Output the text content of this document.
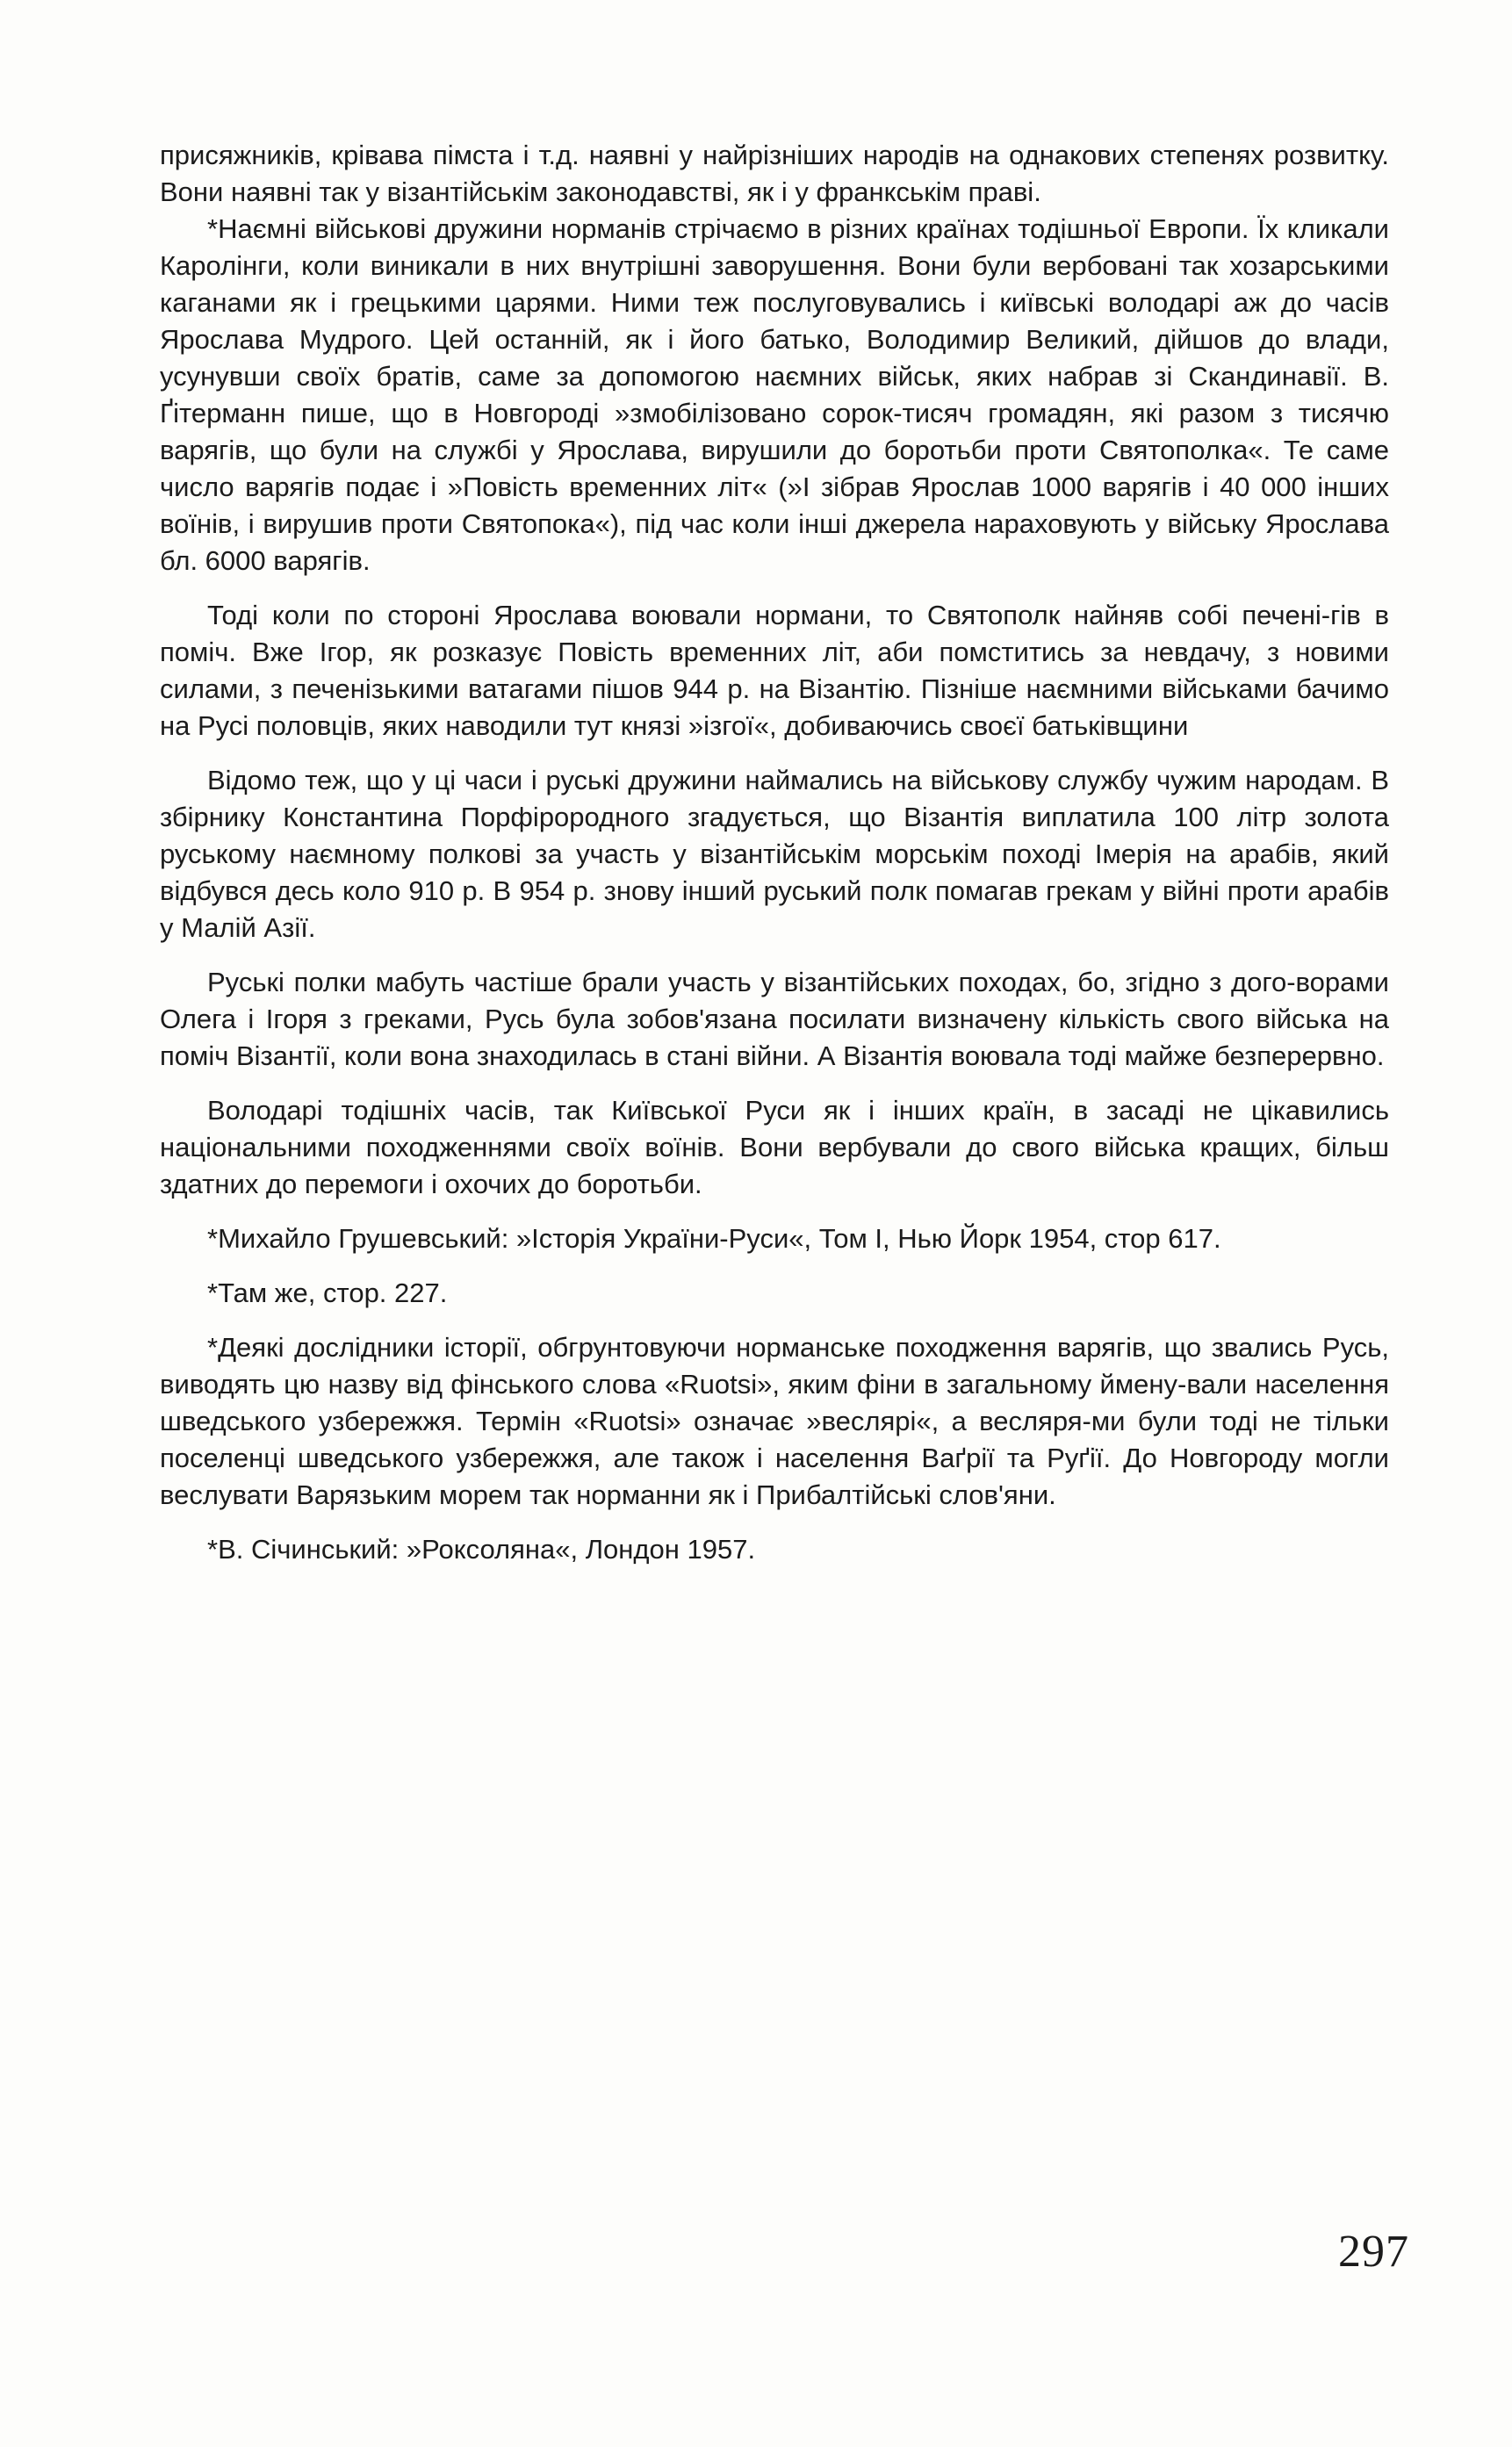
присяжників, крівава пімста і т.д. наявні у найрізніших народів на однакових степенях розвитку. Вони наявні так у візантійськім законодавстві, як і у франкськім праві.

*Наємні військові дружини норманів стрічаємо в різних країнах тодішньої Европи. Їх кликали Каролінги, коли виникали в них внутрішні заворушення. Вони були вербовані так хозарськими каганами як і грецькими царями. Ними теж послуговувались і київські володарі аж до часів Ярослава Мудрого. Цей останній, як і його батько, Володимир Великий, дійшов до влади, усунувши своїх братів, саме за допомогою наємних військ, яких набрав зі Скандинавії. В. Ґітерманн пише, що в Новгороді »змобілізовано сорок-тисяч громадян, які разом з тисячю варягів, що були на службі у Ярослава, вирушили до боротьби проти Святополка«. Те саме число варягів подає і »Повість временних літ« (»І зібрав Ярослав 1000 варягів і 40 000 інших воїнів, і вирушив проти Святопока«), під час коли інші джерела нараховують у війську Ярослава бл. 6000 варягів.

Тоді коли по стороні Ярослава воювали нормани, то Святополк найняв собі печені-гів в поміч. Вже Ігор, як розказує Повість временних літ, аби помститись за невдачу, з новими силами, з печенізькими ватагами пішов 944 р. на Візантію. Пізніше наємними військами бачимо на Русі половців, яких наводили тут князі »ізгої«, добиваючись своєї батьківщини

Відомо теж, що у ці часи і руські дружини наймались на військову службу чужим народам. В збірнику Константина Порфірородного згадується, що Візантія виплатила 100 літр золота руському наємному полкові за участь у візантійськім морськім поході Імерія на арабів, який відбувся десь коло 910 р. В 954 р. знову інший руський полк помагав грекам у війні проти арабів у Малій Азії.

Руські полки мабуть частіше брали участь у візантійських походах, бо, згідно з дого-ворами Олега і Ігоря з греками, Русь була зобов'язана посилати визначену кількість свого війська на поміч Візантії, коли вона знаходилась в стані війни. А Візантія воювала тоді майже безперервно.

Володарі тодішніх часів, так Київської Руси як і інших країн, в засаді не цікавились національними походженнями своїх воїнів. Вони вербували до свого війська кращих, більш здатних до перемоги і охочих до боротьби.

*Михайло Грушевський: »Історія України-Руси«, Том І, Нью Йорк 1954, стор 617.

*Там же, стор. 227.

*Деякі дослідники історії, обгрунтовуючи норманське походження варягів, що звались Русь, виводять цю назву від фінського слова «Ruotsi», яким фіни в загальному ймену-вали населення шведського узбережжя. Термін «Ruotsi» означає »веслярі«, а весляря-ми були тоді не тільки поселенці шведського узбережжя, але також і населення Ваґрії та Руґії. До Новгороду могли веслувати Варязьким морем так норманни як і Прибалтійські слов'яни.

*В. Січинський: »Роксоляна«, Лондон 1957.

297
